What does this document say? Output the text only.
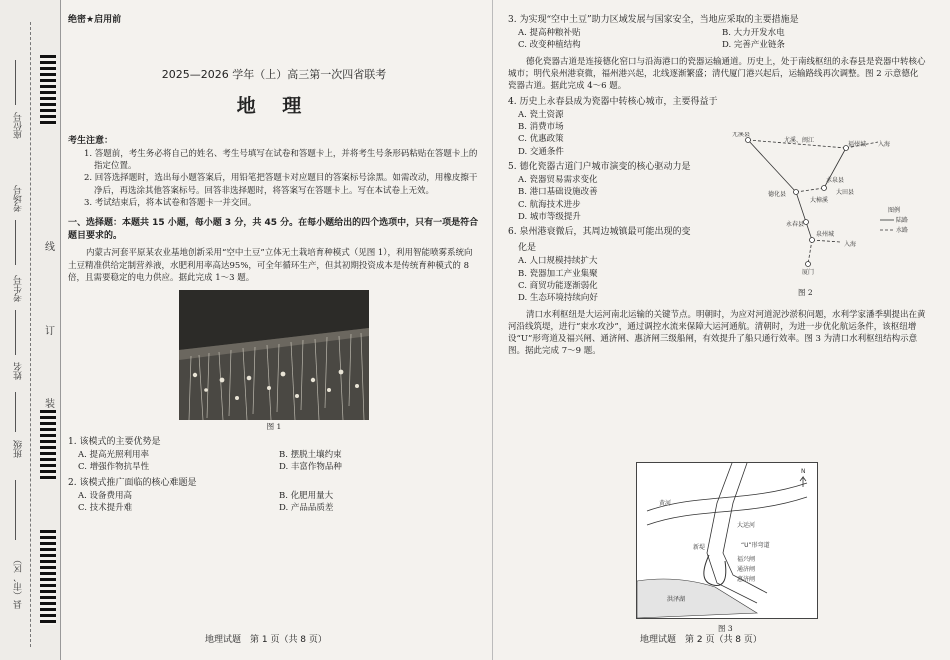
县（市、区）
班级
姓名
考生号
考场号
座位号
装
订
线
绝密★启用前
2025—2026 学年（上）高三第一次四省联考
地 理
考生注意：
1. 答题前，考生务必将自己的姓名、考生号填写在试卷和答题卡上，并将考生号条形码粘贴在答题卡上的指定位置。
2. 回答选择题时，选出每小题答案后，用铅笔把答题卡对应题目的答案标号涂黑。如需改动，用橡皮擦干净后，再选涂其他答案标号。回答非选择题时，将答案写在答题卡上。写在本试卷上无效。
3. 考试结束后，将本试卷和答题卡一并交回。
一、选择题：本题共 15 小题，每小题 3 分，共 45 分。在每小题给出的四个选项中，只有一项是符合题目要求的。
内蒙古河套平原某农业基地创新采用“空中土豆”立体无土栽培育种模式（见图 1），利用智能喷雾系统向土豆精准供给定制营养液，水肥利用率高达95%，可全年循环生产，但其初期投资成本是传统育种模式的 8 倍，且需要稳定的电力供应。据此完成 1～3 题。
图 1
1. 该模式的主要优势是
A. 提高光照利用率	B. 摆脱土壤约束
C. 增强作物抗旱性	D. 丰富作物品种
2. 该模式推广面临的核心难题是
A. 设备费用高	B. 化肥用量大
C. 技术提升难	D. 产品品质差
地理试题　第 1 页（共 8 页）
3. 为实现“空中土豆”助力区域发展与国家安全，当地应采取的主要措施是
A. 提高种粮补贴	B. 大力开发水电
C. 改变种植结构	D. 完善产业链条
德化瓷器古道是连接德化窑口与沿海港口的瓷器运输通道。历史上，处于南线枢纽的永春县是瓷器中转核心城市；明代泉州港衰微，福州港兴起，北线逐渐繁盛；清代厦门港兴起后，运输路线再次调整。图 2 示意德化瓷器古道。据此完成 4～6 题。
4. 历史上永春县成为瓷器中转核心城市，主要得益于
A. 瓷土资源
B. 消费市场
C. 优惠政策
D. 交通条件
5. 德化瓷器古道门户城市演变的核心驱动力是
A. 瓷器贸易需求变化
B. 港口基础设施改善
C. 航海技术进步
D. 城市等级提升
6. 泉州港衰微后，其周边城镇最可能出现的变
化是
A. 人口规模持续扩大
B. 瓷器加工产业集聚
C. 商贸功能逐渐弱化
D. 生态环境持续向好
清口水利枢纽是大运河南北运输的关键节点。明朝时，为应对河道泥沙淤积问题，水利学家潘季驯提出在黄河沿线筑堤，进行“束水攻沙”，通过调控水流来保障大运河通航。清朝时，为进一步优化航运条件，该枢纽增设“U”形弯道及福兴闸、通济闸、惠济闸三级船闸，有效提升了船只通行效率。图 3 为清口水利枢纽结构示意图。据此完成 7～9 题。
尤溪县
德化县
水泉县
福州城
永春县
泉州城
厦门
大田县
尤溪、闽江
大樟溪
入海
入海
图例
陆路
水路
图 2
黄河
大运河
洪泽湖
“U”形弯道
福兴闸
通济闸
惠济闸
新堤
N
图 3
地理试题　第 2 页（共 8 页）
